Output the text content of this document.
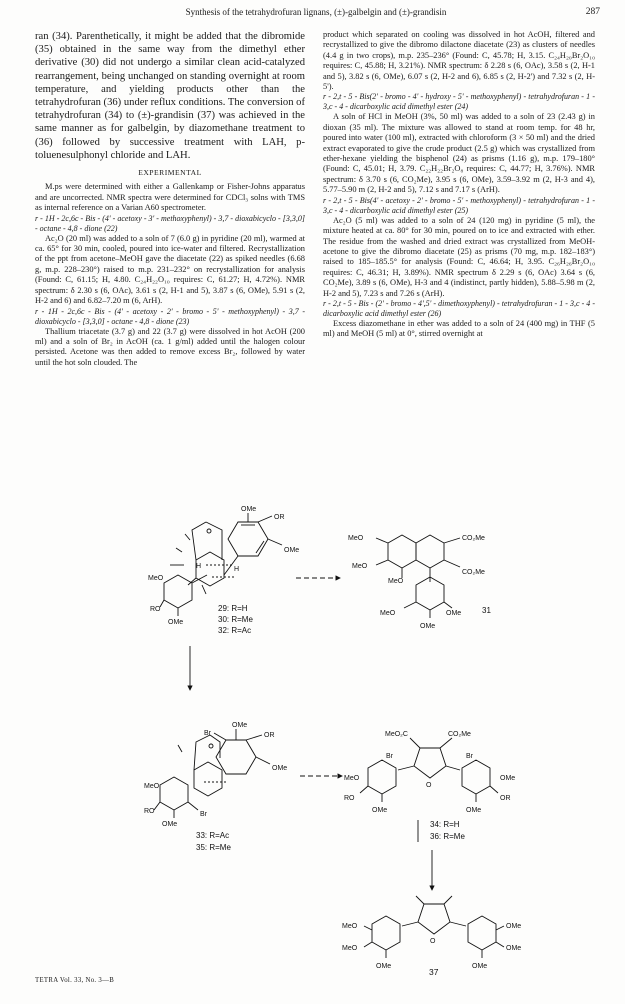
Synthesis of the tetrahydrofuran lignans, (±)-galbelgin and (±)-grandisin	287

ran (34). Parenthetically, it might be added that the dibromide (35) obtained in the same way from the dimethyl ether derivative (30) did not undergo a similar clean acid-catalyzed rearrangement, being unchanged on standing overnight at room temperature, and yielding products other than the tetrahydrofuran (36) under reflux conditions. The conversion of tetrahydrofuran (34) to (±)-grandisin (37) was achieved in the same manner as for galbelgin, by diazomethane treatment to (36) followed by successive treatment with LAH, p-toluenesulphonyl chloride and LAH.

EXPERIMENTAL

M.ps were determined with either a Gallenkamp or Fisher-Johns apparatus and are uncorrected. NMR spectra were determined for CDCl₃ solns with TMS as internal reference on a Varian A60 spectrometer.

r - 1H - 2c,6c - Bis - (4' - acetoxy - 3' - methoxyphenyl) - 3,7 - dioxabicyclo - [3,3,0] - octane - 4,8 - dione (22)

Ac₂O (20 ml) was added to a soln of 7 (6.0 g) in pyridine (20 ml), warmed at ca. 65° for 30 min, cooled, poured into ice-water and filtered. Recrystallization of the ppt from acetone–MeOH gave the diacetate (22) as spiked needles (6.68 g, m.p. 228–230°) raised to m.p. 231–232° on recrystallization for analysis (Found: C, 61.15; H, 4.80. C₂₄H₂₂O₁₀ requires: C, 61.27; H, 4.72%). NMR spectrum: δ 2.30 s (6, OAc), 3.61 s (2, H-1 and 5), 3.87 s (6, OMe), 5.91 s (2, H-2 and 6) and 6.82–7.20 m (6, ArH).

r - 1H - 2c,6c - Bis - (4' - acetoxy - 2' - bromo - 5' - methoxyphenyl) - 3,7 - dioxabicyclo - [3,3,0] - octane - 4,8 - dione (23)

Thallium triacetate (3.7 g) and 22 (3.7 g) were dissolved in hot AcOH (200 ml) and a soln of Br₂ in AcOH (ca. 1 g/ml) added until the halogen colour persisted. Acetone was then added to remove excess Br₂, followed by water until the hot soln clouded. The

product which separated on cooling was dissolved in hot AcOH, filtered and recrystallized to give the dibromo dilactone diacetate (23) as clusters of needles (4.4 g in two crops), m.p. 235–236° (Found: C, 45.78; H, 3.15. C₂₄H₂₀Br₂O₁₀ requires: C, 45.88; H, 3.21%). NMR spectrum: δ 2.28 s (6, OAc), 3.58 s (2, H-1 and 5), 3.82 s (6, OMe), 6.07 s (2, H-2 and 6), 6.85 s (2, H-2') and 7.32 s (2, H-5').

r - 2,t - 5 - Bis(2' - bromo - 4' - hydroxy - 5' - methoxyphenyl) - tetrahydrofuran - 1 - 3,c - 4 - dicarboxylic acid dimethyl ester (24)

A soln of HCl in MeOH (3%, 50 ml) was added to a soln of 23 (2.43 g) in dioxan (35 ml). The mixture was allowed to stand at room temp. for 48 hr, poured into water (100 ml), extracted with chloroform (3 × 50 ml) and the dried extract evaporated to give the crude product (2.5 g) which was crystallized from ether-hexane yielding the bisphenol (24) as prisms (1.16 g), m.p. 179–180° (Found: C, 45.01; H, 3.79. C₂₂H₂₂Br₂O₈ requires: C, 44.77; H, 3.76%). NMR spectrum: δ 3.70 s (6, CO₂Me), 3.95 s (6, OMe), 3.59–3.92 m (2, H-3 and 4), 5.77–5.90 m (2, H-2 and 5), 7.12 s and 7.17 s (ArH).

r - 2,t - 5 - Bis(4' - acetoxy - 2' - bromo - 5' - methoxyphenyl) - tetrahydrofuran - 1 - 3,c - 4 - dicarboxylic acid dimethyl ester (25)

Ac₂O (5 ml) was added to a soln of 24 (120 mg) in pyridine (5 ml), the mixture heated at ca. 80° for 30 min, poured on to ice and extracted with ether. The residue from the washed and dried extract was crystallized from MeOH-acetone to give the dibromo diacetate (25) as prisms (70 mg, m.p. 182–183°) raised to 185–185.5° for analysis (Found: C, 46.64; H, 3.95. C₂₆H₂₆Br₂O₁₀ requires: C, 46.31; H, 3.89%). NMR spectrum δ 2.29 s (6, OAc) 3.64 s (6, CO₂Me), 3.89 s (6, OMe), H-3 and 4 (indistinct, partly hidden), 5.88–5.98 m (2, H-2 and 5), 7.23 s and 7.26 s (ArH).

r - 2,t - 5 - Bis - (2' - bromo - 4',5' - dimethoxyphenyl) - tetrahydrofuran - 1 - 3,c - 4 - dicarboxylic acid dimethyl ester (26)

Excess diazomethane in ether was added to a soln of 24 (400 mg) in THF (5 ml) and MeOH (5 ml) at 0°, stirred overnight at

OMe
OR
OMe
H	H
MeO
RO
OMe
29: R=H
30: R=Me
32: R=Ac
MeO	CO₂Me
MeO
CO₂Me
MeO
MeO	OMe
OMe
31
OMe
Br	OR
OMe
MeO
RO	Br
OMe
33: R=Ac
35: R=Me
MeO₂C	CO₂Me
O
Br	Br
MeO	OMe
RO	OR
OMe	OMe
34: R=H
36: R=Me
O
MeO
MeO
OMe
OMe
OMe	OMe
37
TETRA Vol. 33, No. 3—B
